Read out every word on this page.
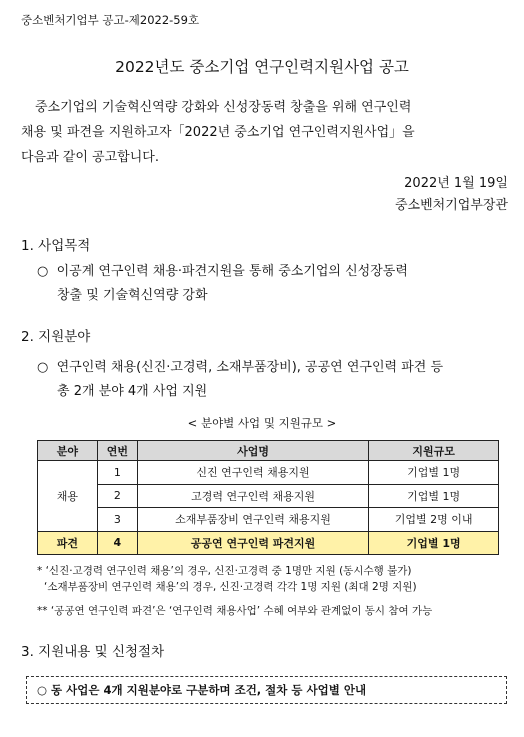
중소벤처기업부 공고-제2022-59호
2022년도 중소기업 연구인력지원사업 공고
중소기업의 기술혁신역량 강화와 신성장동력 창출을 위해 연구인력
채용 및 파견을 지원하고자「2022년 중소기업 연구인력지원사업」을
다음과 같이 공고합니다.
2022년 1월 19일
중소벤처기업부장관
1. 사업목적
○ 이공계 연구인력 채용·파견지원을 통해 중소기업의 신성장동력
창출 및 기술혁신역량 강화
2. 지원분야
○ 연구인력 채용(신진·고경력, 소재부품장비), 공공연 연구인력 파견 등
총 2개 분야 4개 사업 지원
< 분야별 사업 및 지원규모 >
분야	연번	사업명	지원규모
채용	1	신진 연구인력 채용지원	기업별 1명
	2	고경력 연구인력 채용지원	기업별 1명
	3	소재부품장비 연구인력 채용지원	기업별 2명 이내
파견	4	공공연 연구인력 파견지원	기업별 1명
* ‘신진·고경력 연구인력 채용’의 경우, 신진·고경력 중 1명만 지원 (동시수행 불가)
‘소재부품장비 연구인력 채용’의 경우, 신진·고경력 각각 1명 지원 (최대 2명 지원)
** ‘공공연 연구인력 파견’은 ‘연구인력 채용사업’ 수혜 여부와 관계없이 동시 참여 가능
3. 지원내용 및 신청절차
○ 동 사업은 4개 지원분야로 구분하며 조건, 절차 등 사업별 안내
